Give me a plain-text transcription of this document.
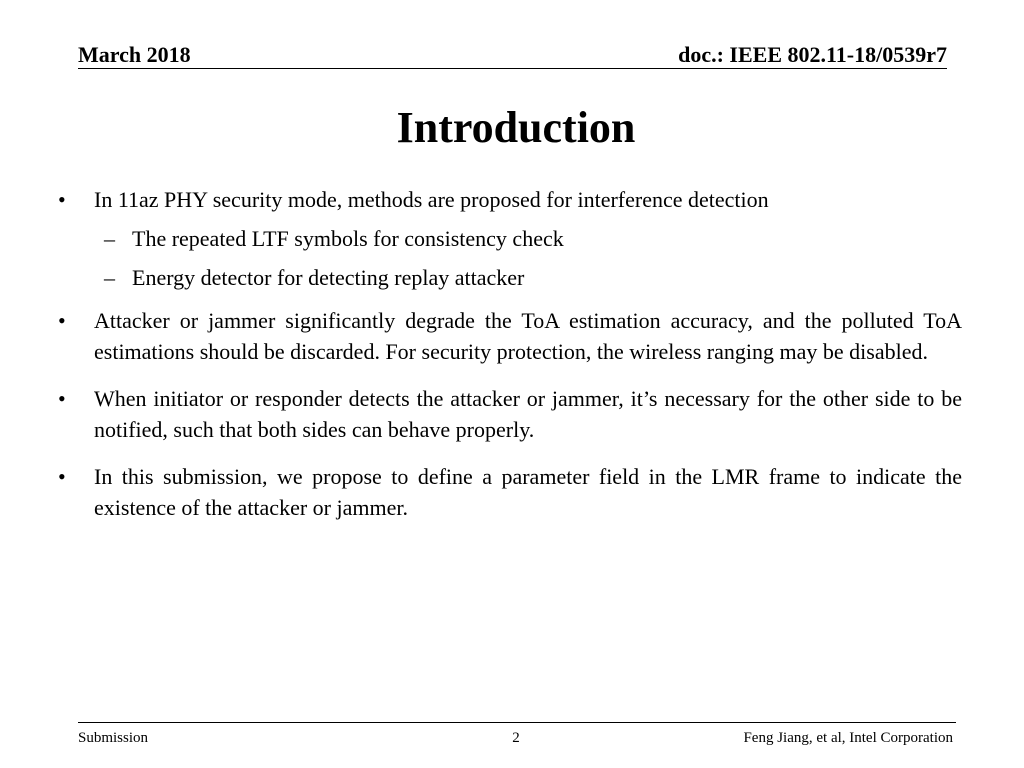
March 2018	doc.: IEEE 802.11-18/0539r7
Introduction
•	In 11az PHY security mode, methods are proposed for interference detection
– The repeated LTF symbols for consistency check
– Energy detector for detecting replay attacker
•	Attacker or jammer significantly degrade the ToA estimation accuracy, and the polluted ToA estimations should be discarded. For security protection, the wireless ranging may be disabled.
•	When initiator or responder detects the attacker or jammer, it’s necessary for the other side to be notified, such that both sides can behave properly.
•	In this submission, we propose to define a parameter field in the LMR frame to indicate the existence of the attacker or jammer.
Submission	2	Feng Jiang, et al, Intel Corporation
